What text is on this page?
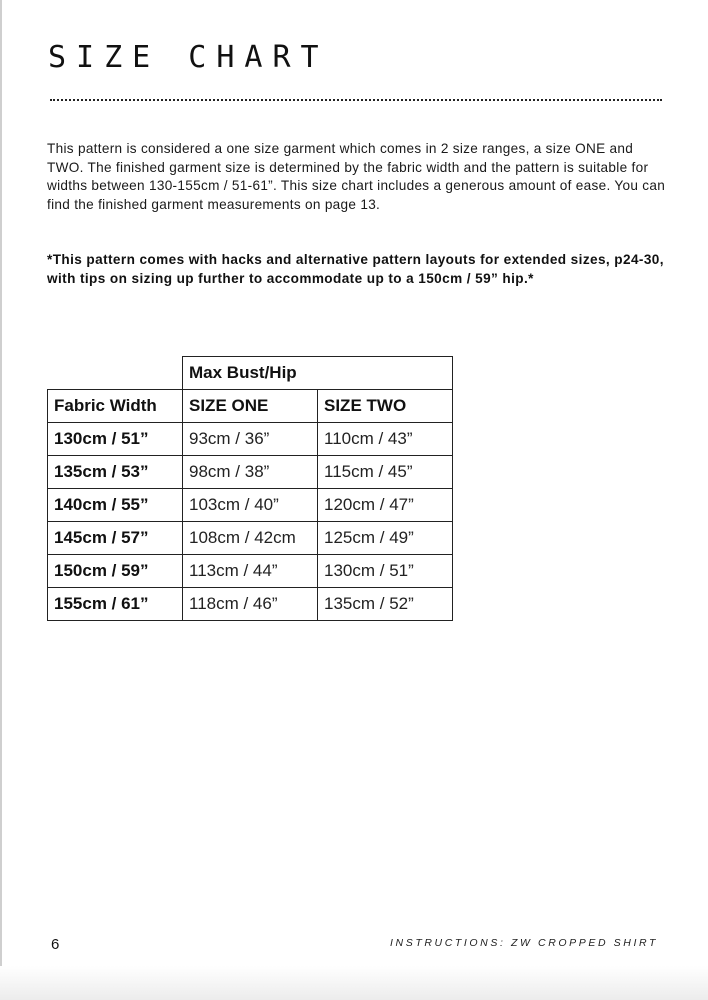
SIZE CHART

This pattern is considered a one size garment which comes in 2 size ranges, a size ONE and TWO. The finished garment size is determined by the fabric width and the pattern is suitable for widths between 130-155cm / 51-61”. This size chart includes a generous amount of ease. You can find the finished garment measurements on page 13.

*This pattern comes with hacks and alternative pattern layouts for extended sizes, p24-30, with tips on sizing up further to accommodate up to a 150cm / 59” hip.*

	Max Bust/Hip	
Fabric Width	SIZE ONE	SIZE TWO
130cm / 51”	93cm / 36”	110cm / 43”
135cm / 53”	98cm / 38”	115cm / 45”
140cm / 55”	103cm / 40”	120cm / 47”
145cm / 57”	108cm / 42cm	125cm / 49”
150cm / 59”	113cm / 44”	130cm / 51”
155cm / 61”	118cm / 46”	135cm / 52”
6	INSTRUCTIONS: ZW CROPPED SHIRT
